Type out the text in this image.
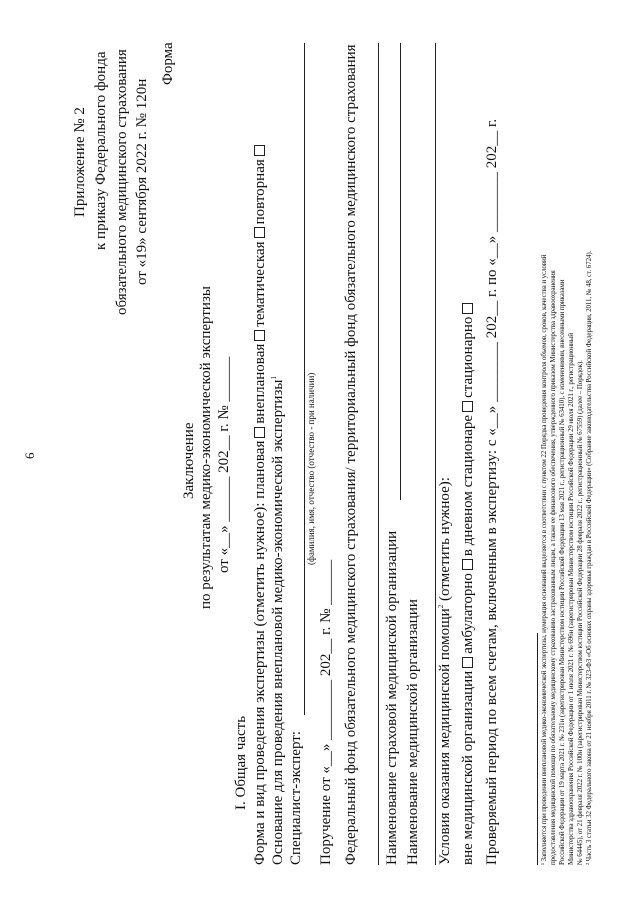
6
Приложение № 2 к приказу Федерального фонда обязательного медицинского страхования от «19» сентября 2022 г. № 120н
Форма
Заключение по результатам медико-экономической экспертизы от «__» ______ 202__ г. № ______
I. Общая часть Форма и вид проведения экспертизы (отметить нужное): плановаявнеплановаятематическаяповторная
Основание для проведения внеплановой медико-экономической экспертизы$^1$
Специалист-эксперт:
(фамилия, имя, отчество (отчество - при наличии)
Поручение от «__» ________ 202__ г. № ______ Федеральный фонд обязательного медицинского страхования/ территориальный фонд обязательного медицинского страхования Наименование страховой медицинской организации Наименование медицинской организации Условия оказания медицинской помощи$^2$ (отметить нужное):
вне медицинской организацииамбулаторнов дневном стационарестационарно Проверяемый период по всем счетам, включенным в экспертизу: с «__» ________ 202__ г. по «__» ________ 202__ г.	¹ Заполняется при проведении внеплановой медико-экономической экспертизы, нумерация оснований выделяется в соответствии с пунктом 22 Порядка проведения контроля объемов, сроков, качества и условий предоставления медицинской помощи по обязательному медицинскому страхованию застрахованным лицам, а также ее финансового обеспечения, утвержденного приказом Министерства здравоохранения Российской Федерации от 19 марта 2021 г. № 231н (зарегистрирован Министерством юстиции Российской Федерации 13 мая 2021 г., регистрационный № 63410), с изменениями, внесенными приказами Министерства здравоохранения Российской Федерации от 1 июля 2021 г. № 696н (зарегистрирован Министерством юстиции Российской Федерации 29 июля 2021 г., регистрационный № 64445), от 21 февраля 2022 г. № 100н (зарегистрирован Министерством юстиции Российской Федерации 28 февраля 2022 г., регистрационный № 67559) (далее – Порядок). ² Часть 3 статьи 32 Федерального закона от 21 ноября 2011 г. № 323-ФЗ «Об основах охраны здоровья граждан в Российской Федерации» (Собрание законодательства Российской Федерации, 2011, № 48, ст. 6724).
